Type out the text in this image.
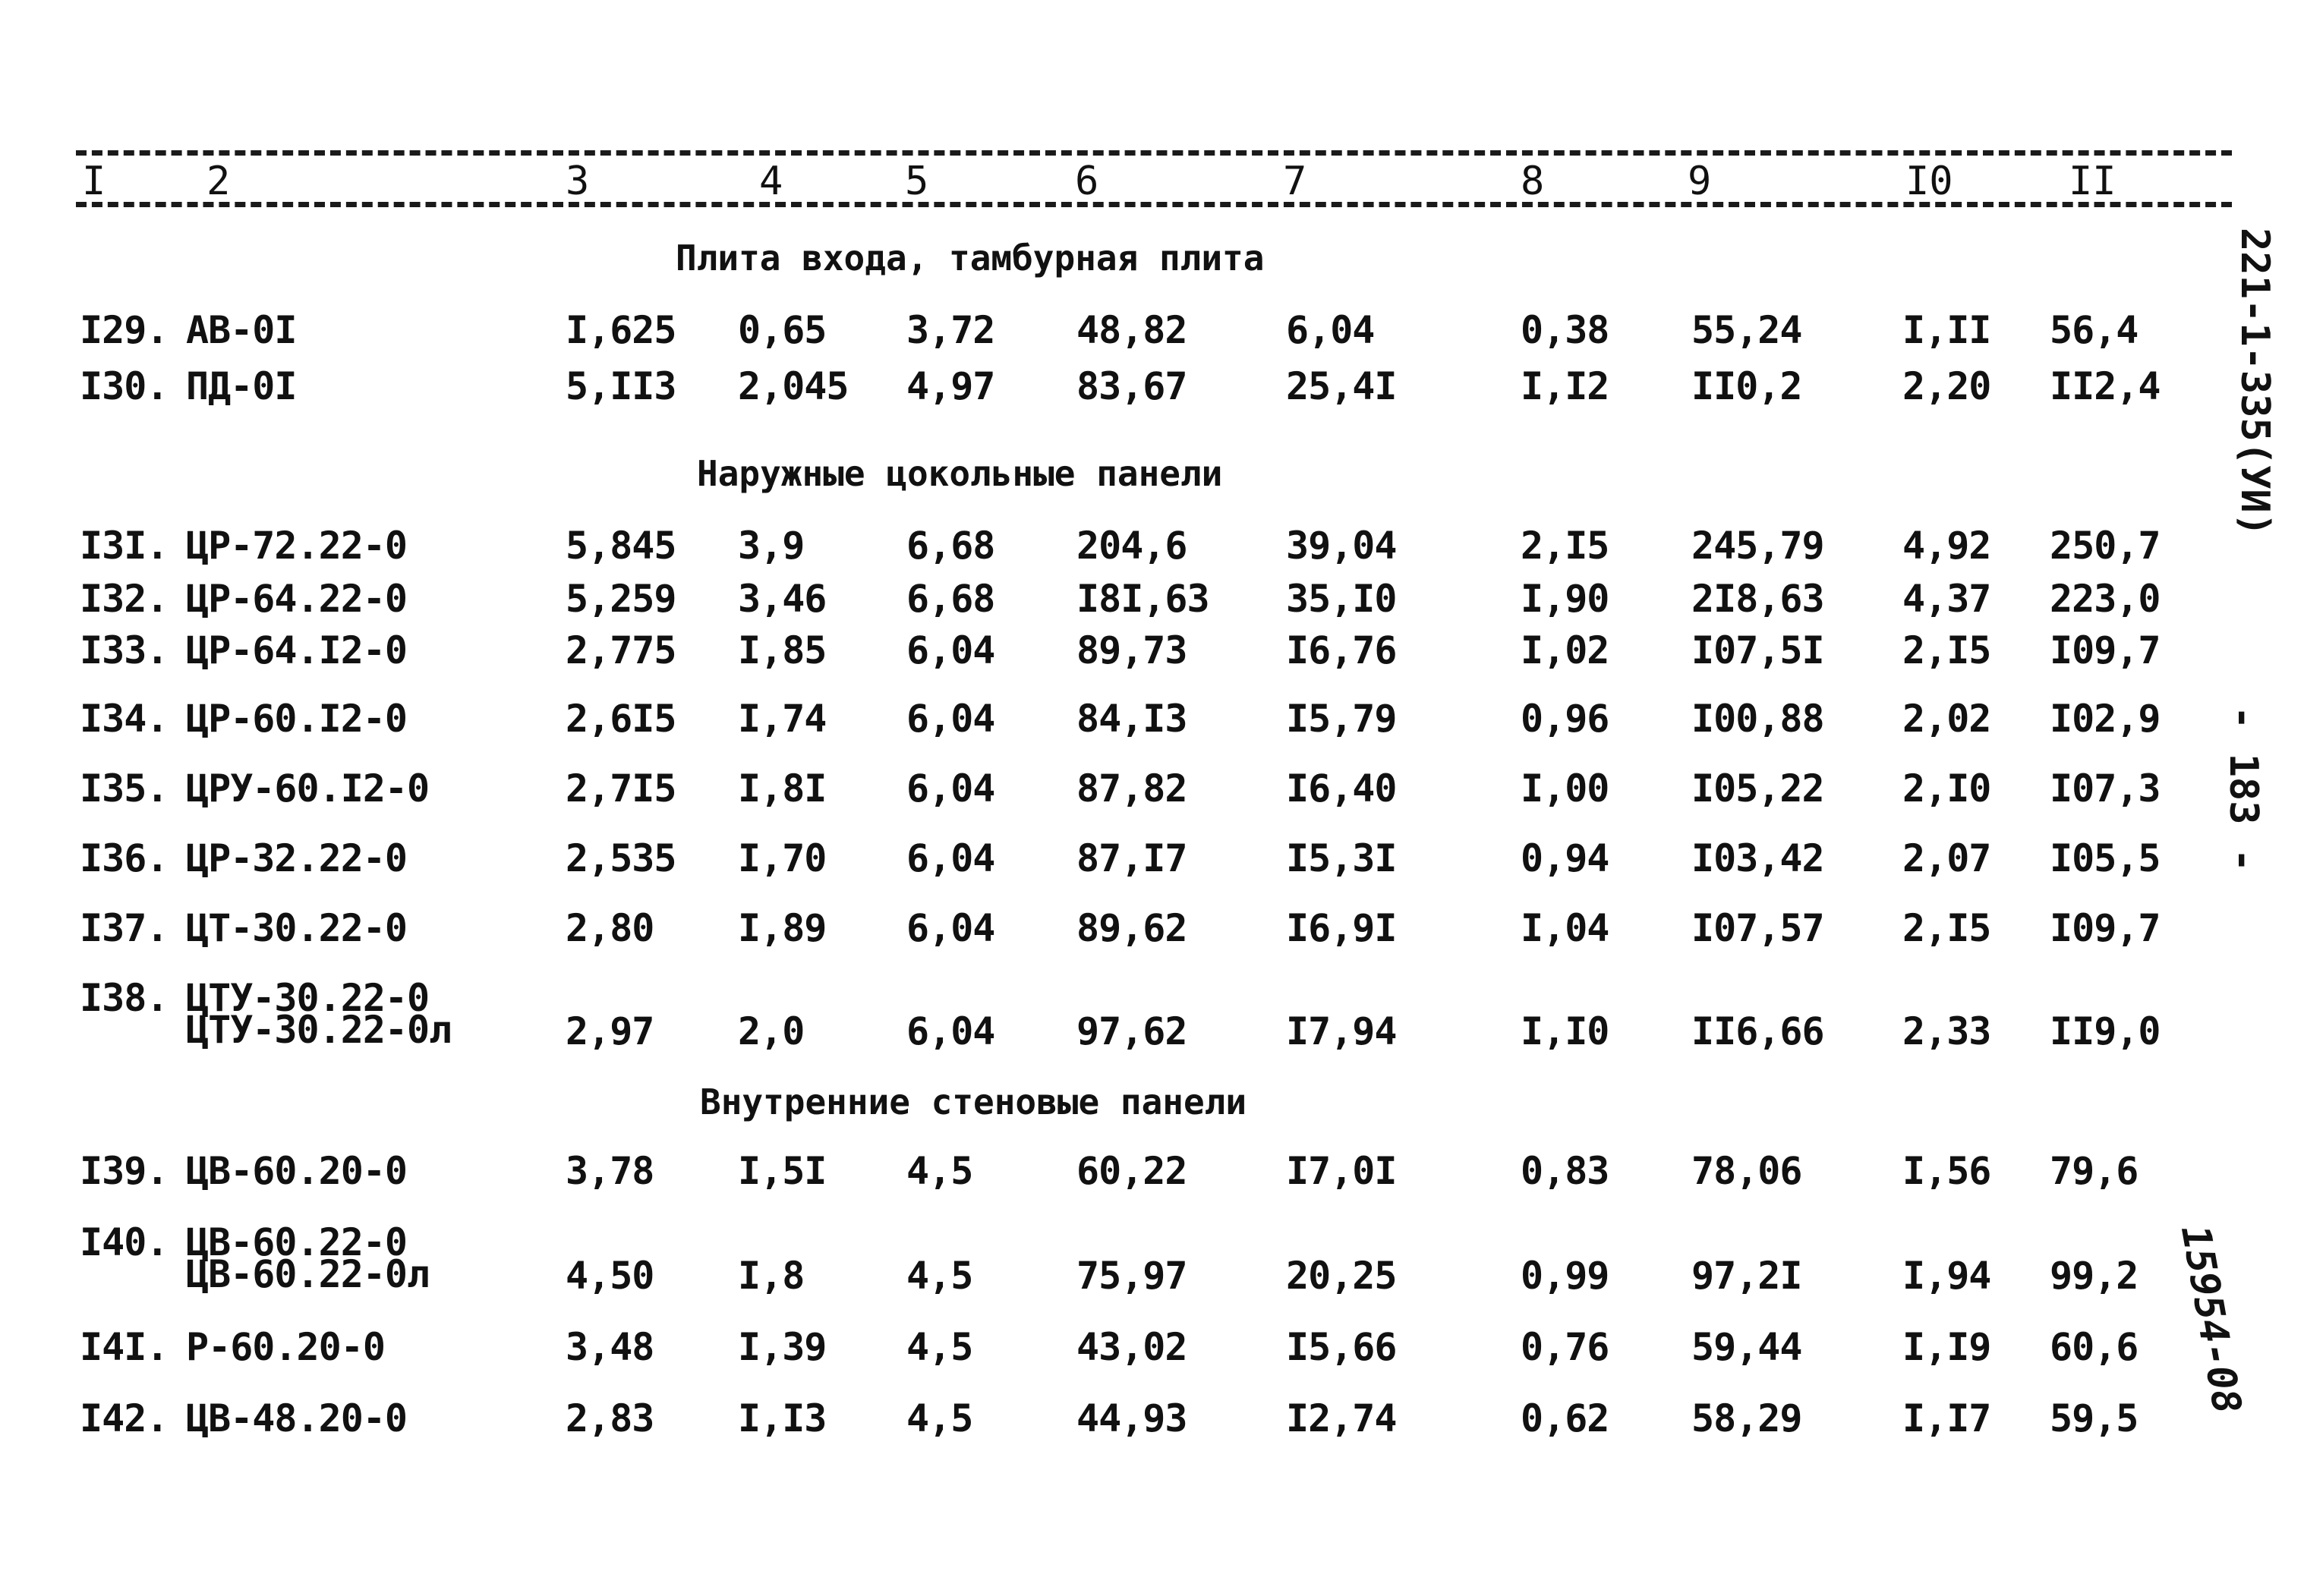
I	2	3	4	5	6	7	8	9	I0	II
Плита входа, тамбурная плита
Наружные цокольные панели
Внутренние стеновые панели
I29. АВ-0I	I,625 0,65 3,72 48,82	6,04	0,38 55,24	I,II 56,4
I30. ПД-0I	5,II3 2,045 4,97 83,67	25,4I	I,I2 II0,2	2,20 II2,4
I3I. ЦР-72.22-0	5,845 3,9	6,68 204,6	39,04	2,I5 245,79 4,92 250,7
I32. ЦР-64.22-0	5,259 3,46 6,68 I8I,63 35,I0	I,90 2I8,63 4,37 223,0
I33. ЦР-64.I2-0	2,775 I,85 6,04 89,73	I6,76	I,02 I07,5I 2,I5 I09,7
I34. ЦР-60.I2-0	2,6I5 I,74 6,04 84,I3	I5,79	0,96 I00,88 2,02 I02,9
I35. ЦРУ-60.I2-0	2,7I5 I,8I 6,04 87,82	I6,40	I,00 I05,22 2,I0 I07,3
I36. ЦР-32.22-0	2,535 I,70 6,04 87,I7	I5,3I	0,94 I03,42 2,07 I05,5
I37. ЦТ-30.22-0	2,80 I,89 6,04 89,62	I6,9I	I,04 I07,57 2,I5 I09,7
I38. ЦТУ-30.22-0
ЦТУ-30.22-0л	2,97 2,0	6,04 97,62	I7,94	I,I0 II6,66 2,33 II9,0
I39. ЦВ-60.20-0	3,78 I,5I 4,5	60,22	I7,0I	0,83 78,06	I,56 79,6
I40. ЦВ-60.22-0
ЦВ-60.22-0л	4,50 I,8	4,5	75,97	20,25	0,99 97,2I	I,94 99,2
I4I. Р-60.20-0	3,48 I,39 4,5	43,02	I5,66	0,76 59,44	I,I9 60,6
I42. ЦВ-48.20-0	2,83 I,I3 4,5	44,93	I2,74	0,62 58,29	I,I7 59,5
221-1-335(УИ)
- 183 -
15954-08
